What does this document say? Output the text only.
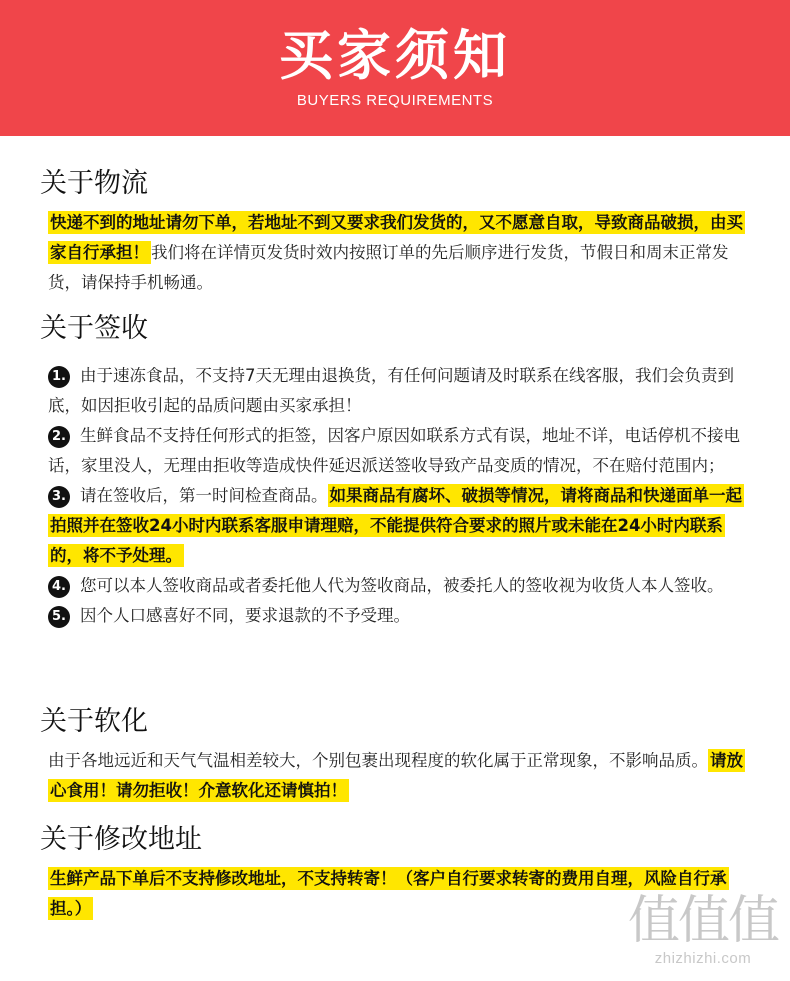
买家须知
BUYERS REQUIREMENTS
关于物流

快递不到的地址请勿下单，若地址不到又要求我们发货的，又不愿意自取，导致商品破损，由买家自行承担！ 我们将在详情页发货时效内按照订单的先后顺序进行发货，节假日和周末正常发货，请保持手机畅通。

关于签收

1. 由于速冻食品，不支持7天无理由退换货，有任何问题请及时联系在线客服，我们会负责到底，如因拒收引起的品质问题由买家承担！

2. 生鲜食品不支持任何形式的拒签，因客户原因如联系方式有误，地址不详，电话停机不接电话，家里没人，无理由拒收等造成快件延迟派送签收导致产品变质的情况，不在赔付范围内；

3. 请在签收后，第一时间检查商品。 如果商品有腐坏、破损等情况，请将商品和快递面单一起拍照并在签收24小时内联系客服申请理赔，不能提供符合要求的照片或未能在24小时内联系的，将不予处理。

4. 您可以本人签收商品或者委托他人代为签收商品，被委托人的签收视为收货人本人签收。

5. 因个人口感喜好不同，要求退款的不予受理。

关于软化

由于各地远近和天气气温相差较大，个别包裹出现程度的软化属于正常现象，不影响品质。 请放心食用！请勿拒收！介意软化还请慎拍！

关于修改地址

生鲜产品下单后不支持修改地址，不支持转寄！（客户自行要求转寄的费用自理，风险自行承担。）	值值值
zhizhizhi.com
